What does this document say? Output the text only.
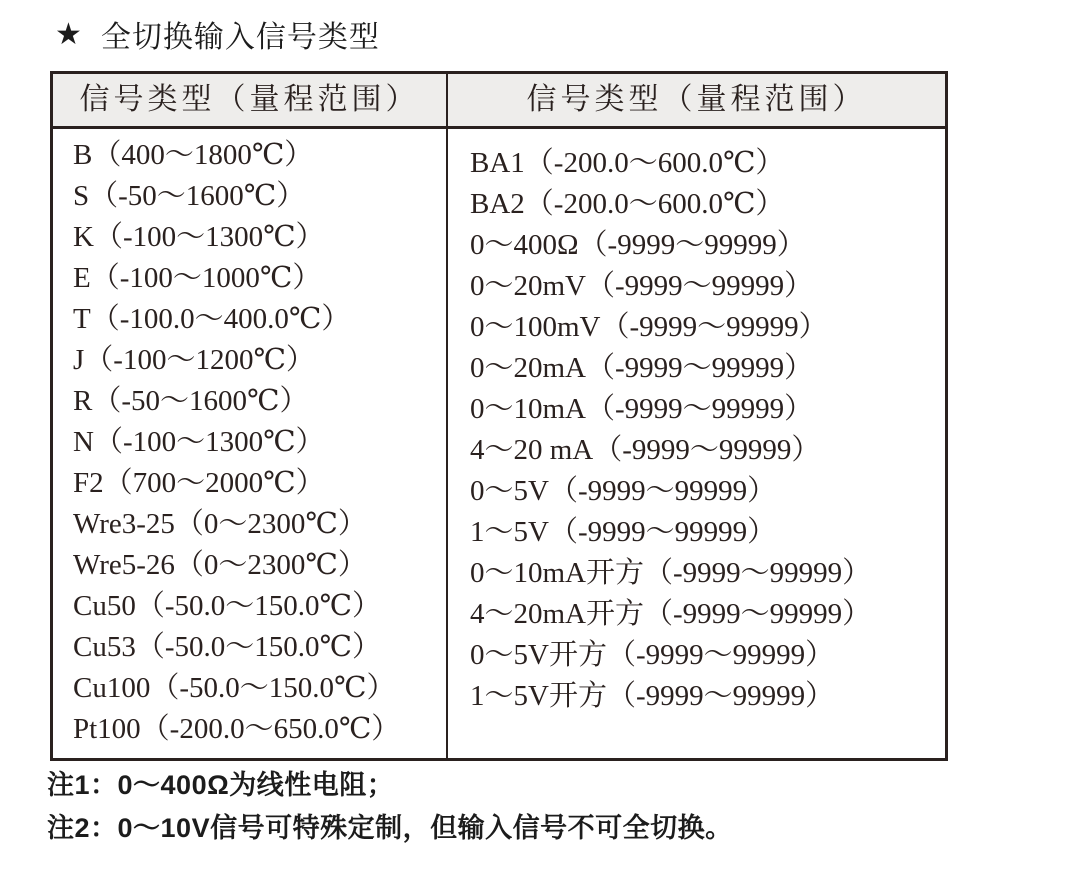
★ 全切换输入信号类型
信号类型（量程范围）	信号类型（量程范围）
B（400～1800℃）
S（-50～1600℃）
K（-100～1300℃）
E（-100～1000℃）
T（-100.0～400.0℃）
J（-100～1200℃）
R（-50～1600℃）
N（-100～1300℃）
F2（700～2000℃）
Wre3-25（0～2300℃）
Wre5-26（0～2300℃）
Cu50（-50.0～150.0℃）
Cu53（-50.0～150.0℃）
Cu100（-50.0～150.0℃）
Pt100（-200.0～650.0℃）
BA1（-200.0～600.0℃）
BA2（-200.0～600.0℃）
0～400Ω（-9999～99999）
0～20mV（-9999～99999）
0～100mV（-9999～99999）
0～20mA（-9999～99999）
0～10mA（-9999～99999）
4～20 mA（-9999～99999）
0～5V（-9999～99999）
1～5V（-9999～99999）
0～10mA开方（-9999～99999）
4～20mA开方（-9999～99999）
0～5V开方（-9999～99999）
1～5V开方（-9999～99999）
注1：0～400Ω为线性电阻；
注2：0～10V信号可特殊定制，但输入信号不可全切换。
